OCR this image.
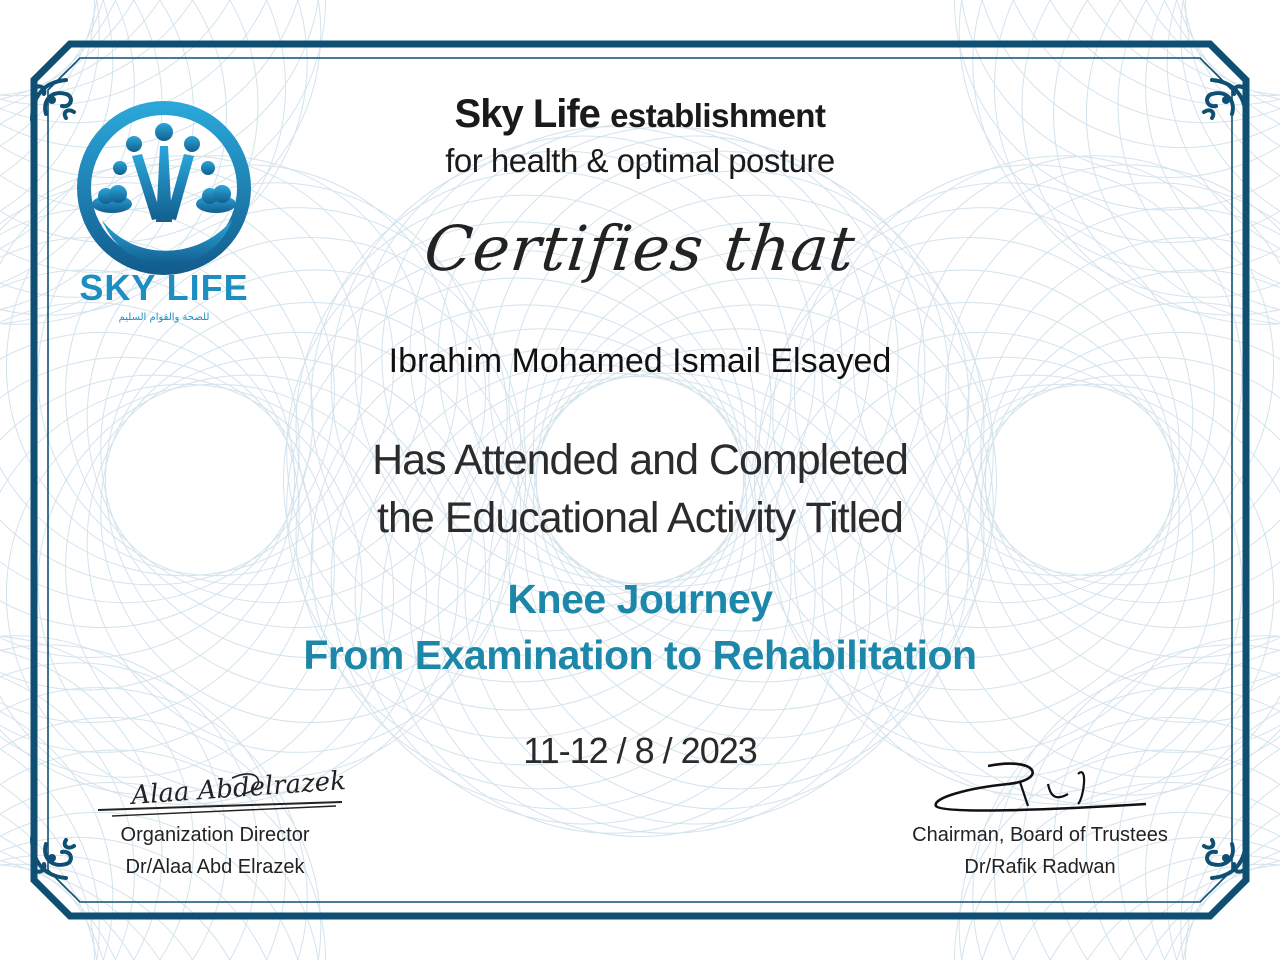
SKY LIFE
للصحة والقوام السليم
Sky Life establishment
for health & optimal posture
Certifies that
Ibrahim Mohamed Ismail Elsayed
Has Attended and Completed
the Educational Activity Titled
Knee Journey
From Examination to Rehabilitation
11-12 / 8 / 2023
Alaa Abdelrazek
Organization Director
Dr/Alaa Abd Elrazek
Chairman, Board of Trustees
Dr/Rafik Radwan
